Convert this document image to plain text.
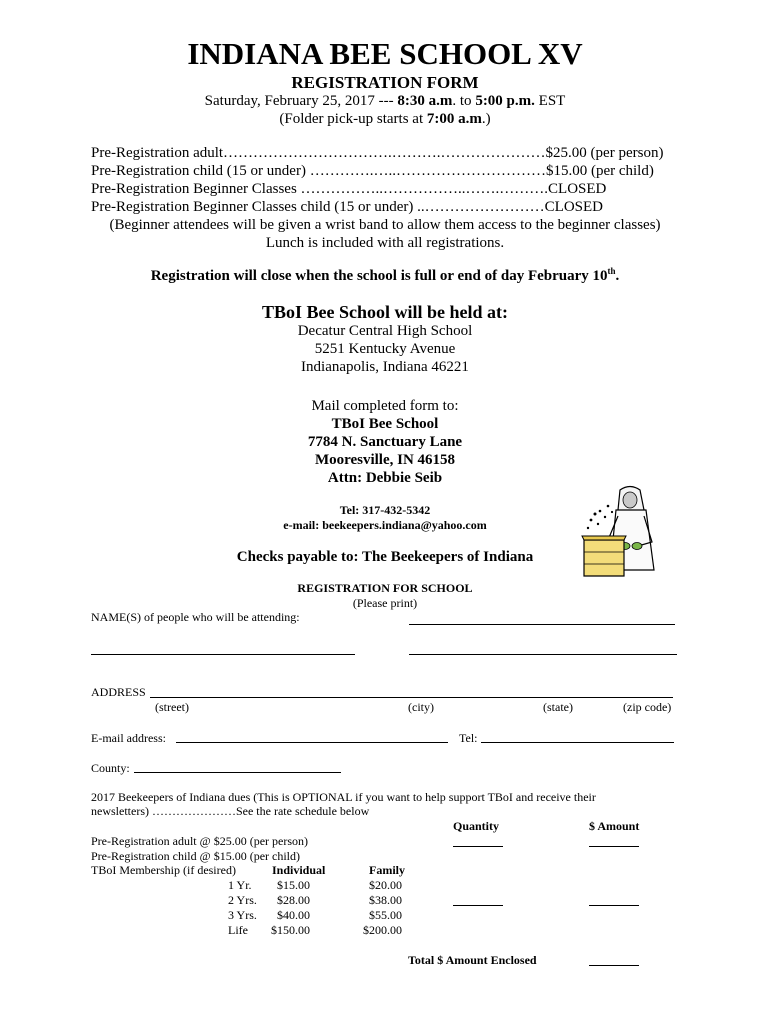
INDIANA BEE SCHOOL XV
REGISTRATION FORM
Saturday, February 25, 2017 --- 8:30 a.m. to 5:00 p.m. EST
(Folder pick-up starts at 7:00 a.m.)
Pre-Registration adult…………………………….……….…………………$25.00 (per person)
Pre-Registration child (15 or under) ………….…..…………………………$15.00 (per child)
Pre-Registration Beginner Classes ……………..……………..…….……….CLOSED
Pre-Registration Beginner Classes child (15 or under) ..……………………CLOSED
(Beginner attendees will be given a wrist band to allow them access to the beginner classes)
Lunch is included with all registrations.
Registration will close when the school is full or end of day February 10th.
TBoI Bee School will be held at:
Decatur Central High School
5251 Kentucky Avenue
Indianapolis, Indiana 46221
Mail completed form to:
TBoI Bee School
7784 N. Sanctuary Lane
Mooresville, IN 46158
Attn: Debbie Seib
Tel: 317-432-5342
e-mail: beekeepers.indiana@yahoo.com
Checks payable to: The Beekeepers of Indiana
REGISTRATION FOR SCHOOL
(Please print)
NAME(S) of people who will be attending:
ADDRESS
(street)	(city)	(state)	(zip code)
E-mail address:	Tel:
County:
2017 Beekeepers of Indiana dues (This is OPTIONAL if you want to help support TBoI and receive their
newsletters) …………………See the rate schedule below
Quantity	$ Amount
Pre-Registration adult @ $25.00 (per person)
Pre-Registration child @ $15.00 (per child)
TBoI Membership (if desired)	Individual	Family
1 Yr. $15.00	$20.00
2 Yrs. $28.00	$38.00
3 Yrs. $40.00	$55.00
Life $150.00	$200.00
Total $ Amount Enclosed
